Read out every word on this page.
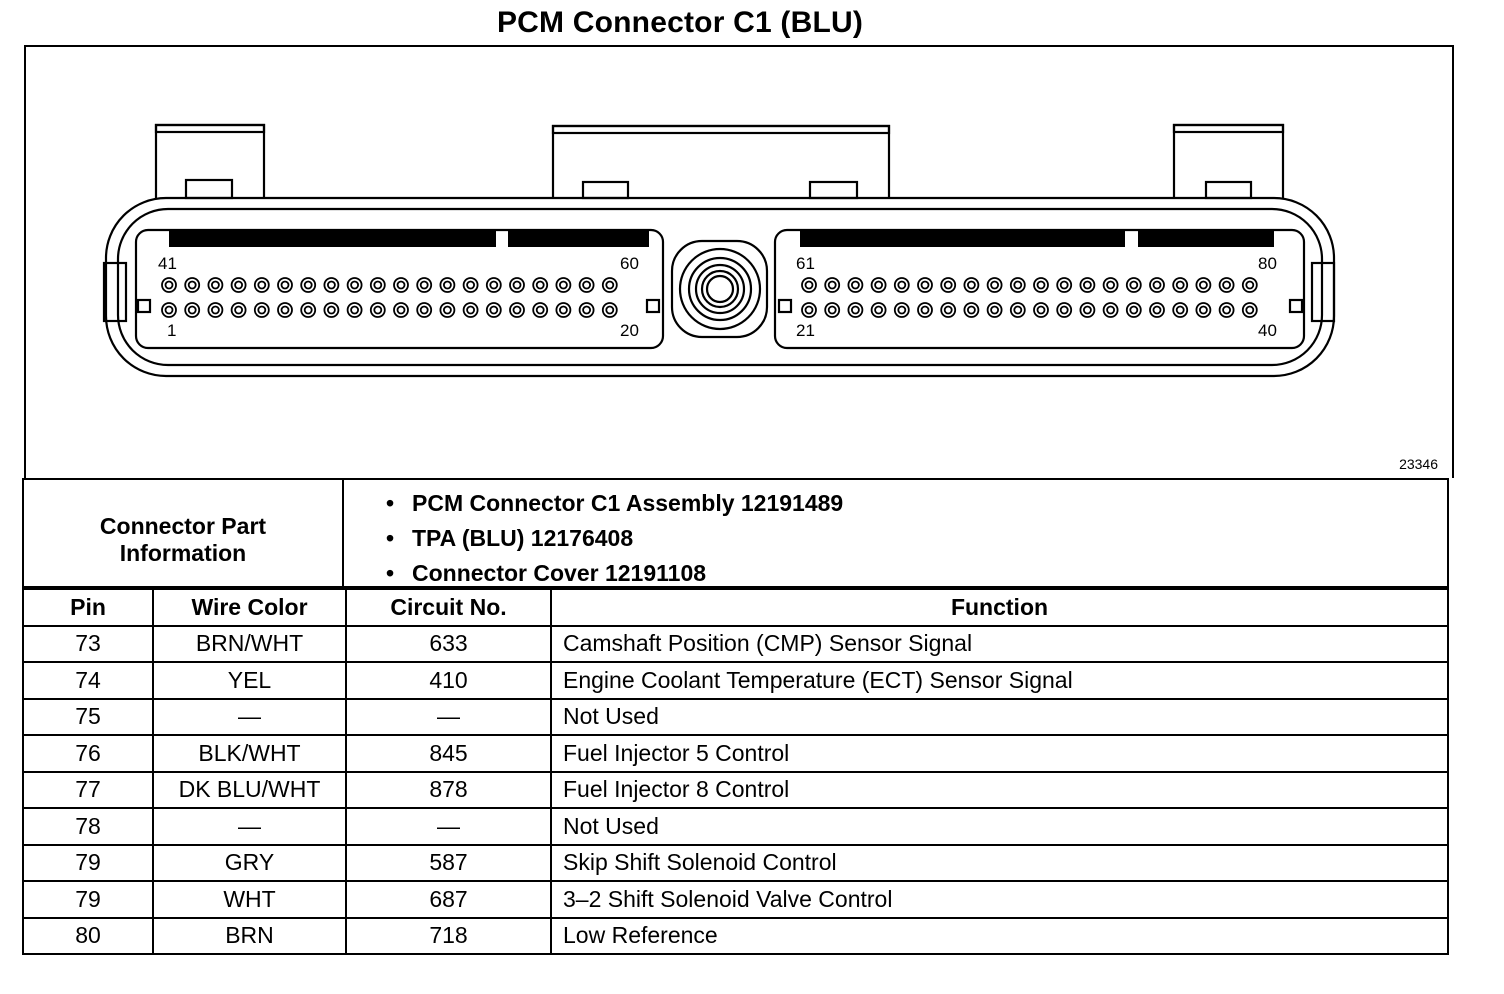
PCM Connector C1 (BLU)
41	60
1	20
61	80
21	40
23346
Connector Part
Information
• PCM Connector C1 Assembly 12191489
• TPA (BLU) 12176408
• Connector Cover 12191108
Pin	Wire Color	Circuit No.	Function
73	BRN/WHT	633	Camshaft Position (CMP) Sensor Signal
74	YEL	410	Engine Coolant Temperature (ECT) Sensor Signal
75	—	—	Not Used
76	BLK/WHT	845	Fuel Injector 5 Control
77	DK BLU/WHT	878	Fuel Injector 8 Control
78	—	—	Not Used
79	GRY	587	Skip Shift Solenoid Control
79	WHT	687	3–2 Shift Solenoid Valve Control
80	BRN	718	Low Reference
